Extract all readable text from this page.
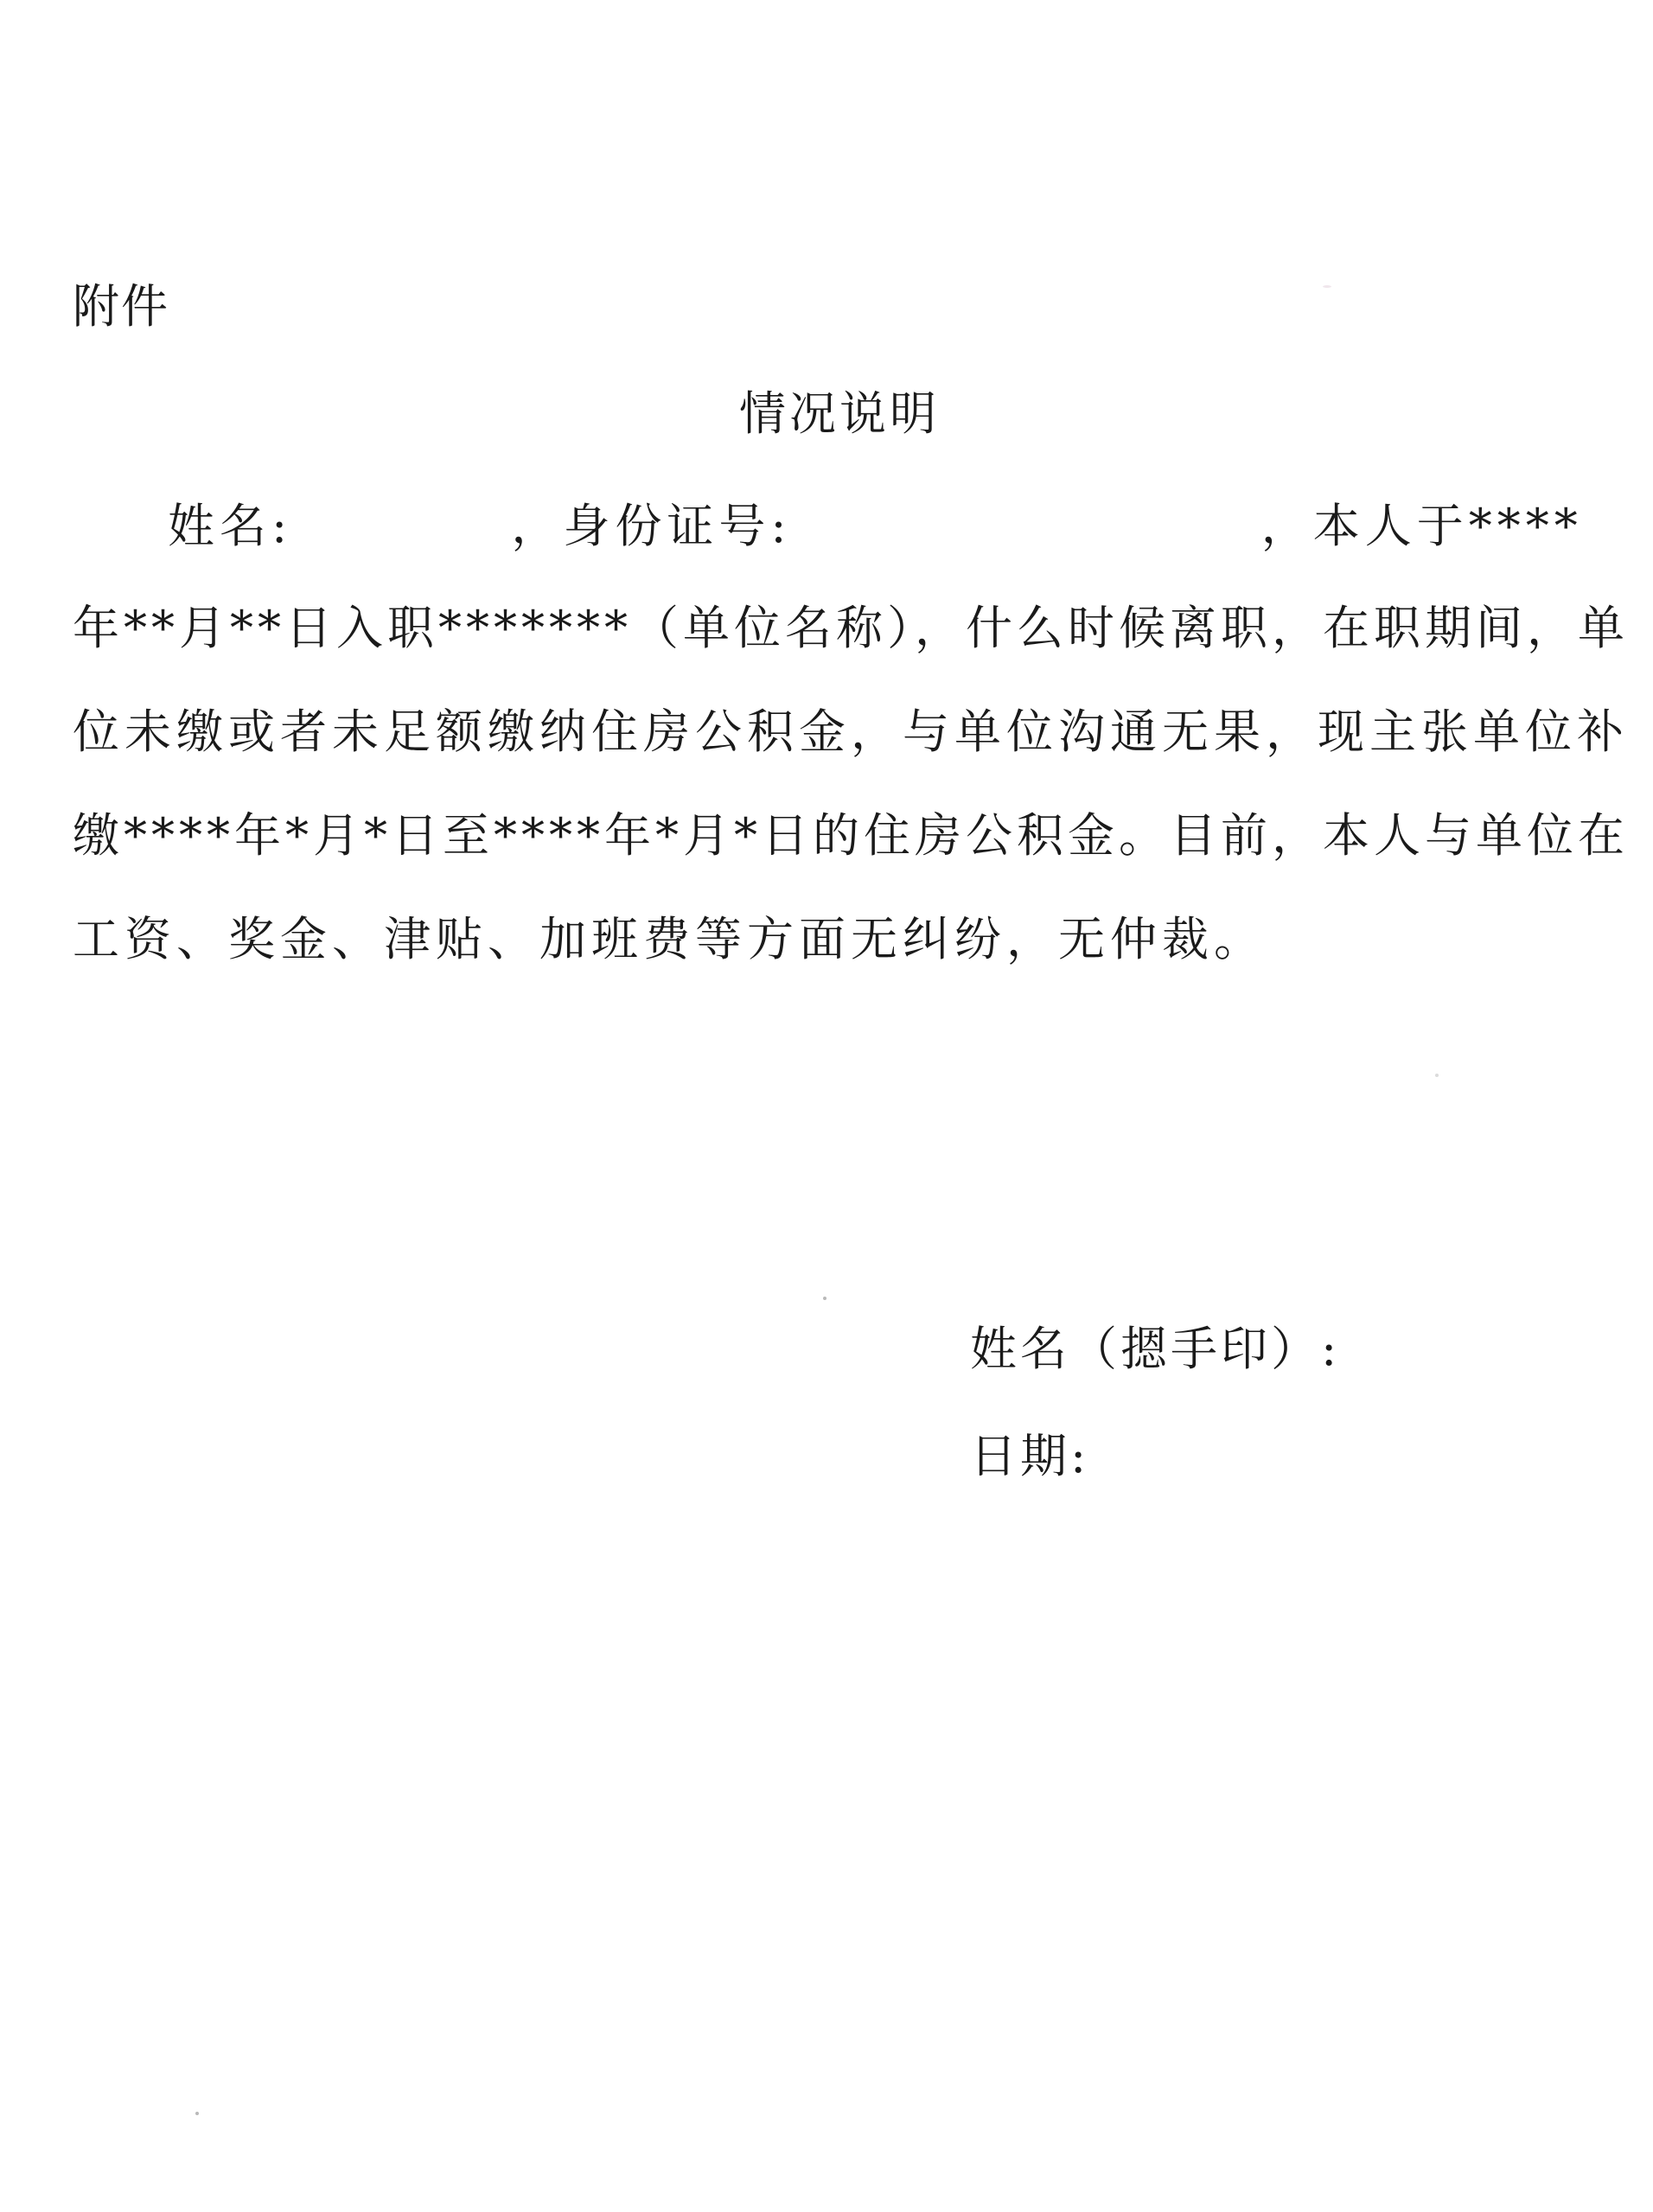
附件
情况说明
姓名:	，身份证号:	，本人于****
年**月**日入职*******（单位名称），什么时候离职，在职期间，单
位未缴或者未足额缴纳住房公积金，与单位沟通无果，现主张单位补
缴****年*月*日至****年*月*日的住房公积金。目前，本人与单位在
工资、奖金、津贴、加班费等方面无纠纷，无仲裁。
姓名（摁手印）:
日期:
